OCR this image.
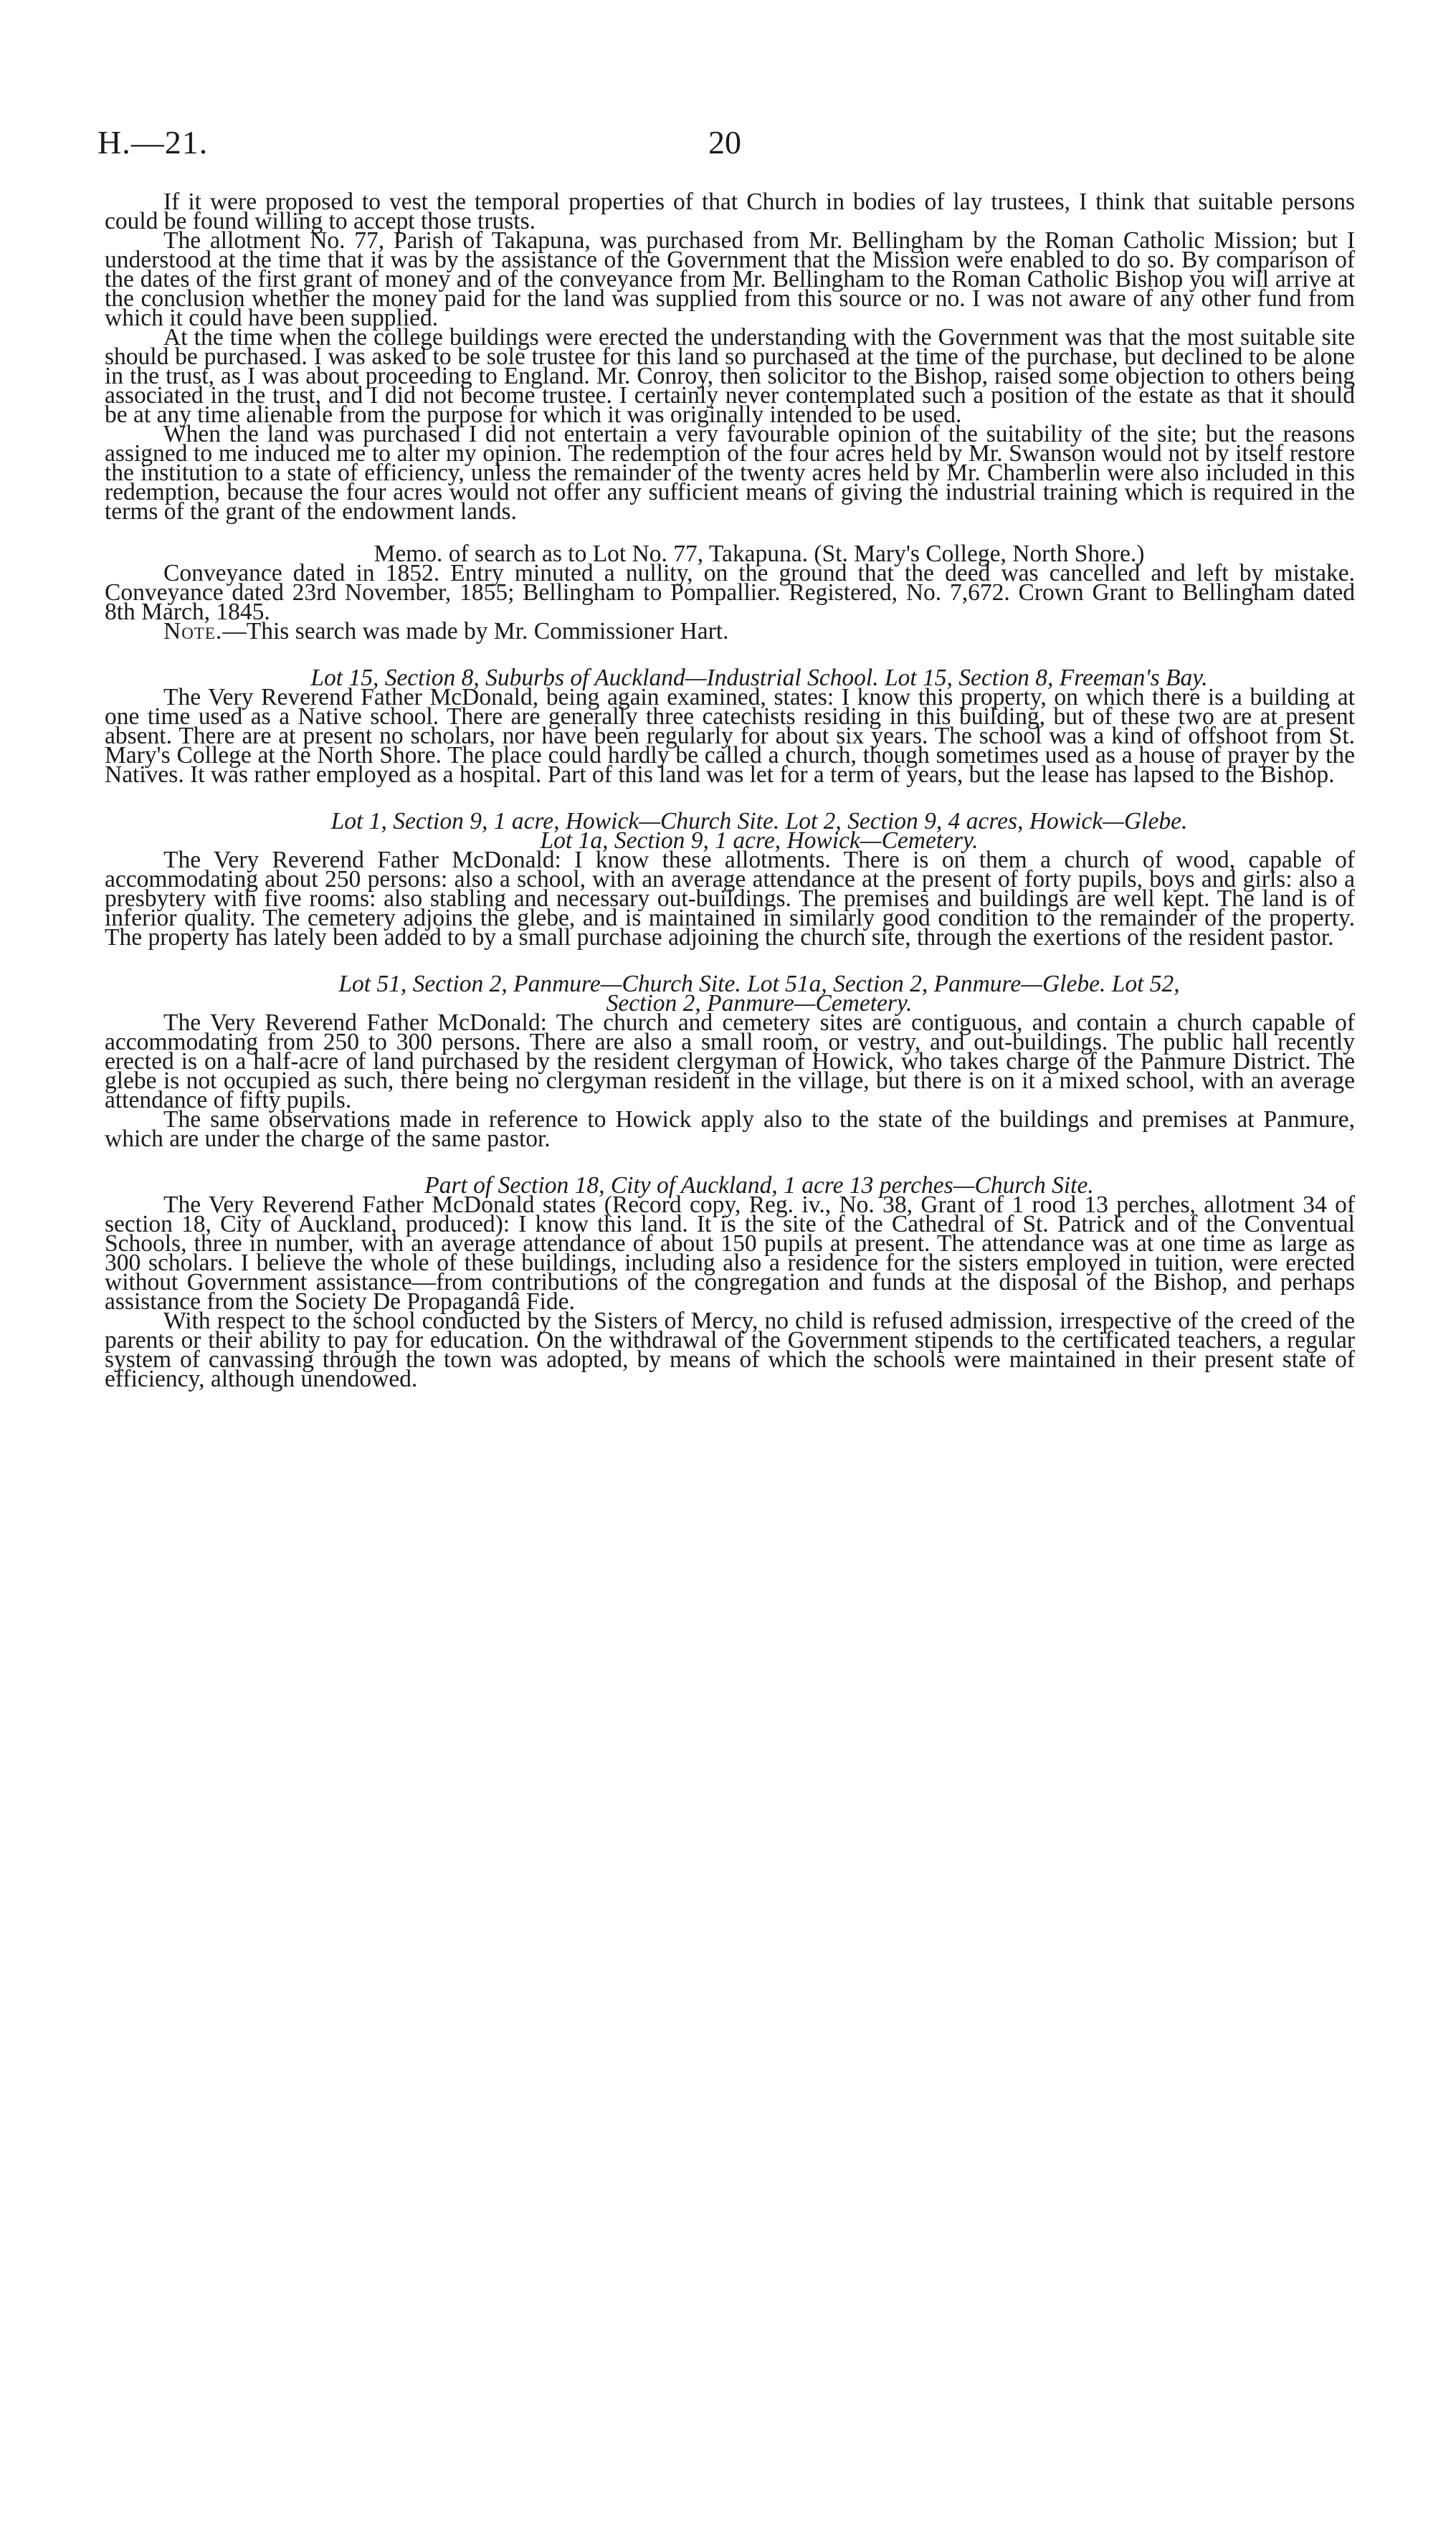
H.—21.	20

If it were proposed to vest the temporal properties of that Church in bodies of lay trustees, I think that suitable persons could be found willing to accept those trusts.

The allotment No. 77, Parish of Takapuna, was purchased from Mr. Bellingham by the Roman Catholic Mission; but I understood at the time that it was by the assistance of the Government that the Mission were enabled to do so. By comparison of the dates of the first grant of money and of the conveyance from Mr. Bellingham to the Roman Catholic Bishop you will arrive at the conclusion whether the money paid for the land was supplied from this source or no. I was not aware of any other fund from which it could have been supplied.

At the time when the college buildings were erected the understanding with the Government was that the most suitable site should be purchased. I was asked to be sole trustee for this land so purchased at the time of the purchase, but declined to be alone in the trust, as I was about proceeding to England. Mr. Conroy, then solicitor to the Bishop, raised some objection to others being associated in the trust, and I did not become trustee. I certainly never contemplated such a position of the estate as that it should be at any time alienable from the purpose for which it was originally intended to be used.

When the land was purchased I did not entertain a very favourable opinion of the suitability of the site; but the reasons assigned to me induced me to alter my opinion. The redemption of the four acres held by Mr. Swanson would not by itself restore the institution to a state of efficiency, unless the remainder of the twenty acres held by Mr. Chamberlin were also included in this redemption, because the four acres would not offer any sufficient means of giving the industrial training which is required in the terms of the grant of the endowment lands.

Memo. of search as to Lot No. 77, Takapuna. (St. Mary's College, North Shore.)

Conveyance dated in 1852. Entry minuted a nullity, on the ground that the deed was cancelled and left by mistake. Conveyance dated 23rd November, 1855; Bellingham to Pompallier. Registered, No. 7,672. Crown Grant to Bellingham dated 8th March, 1845.

Note.—This search was made by Mr. Commissioner Hart.

Lot 15, Section 8, Suburbs of Auckland—Industrial School. Lot 15, Section 8, Freeman's Bay.

The Very Reverend Father McDonald, being again examined, states: I know this property, on which there is a building at one time used as a Native school. There are generally three catechists residing in this building, but of these two are at present absent. There are at present no scholars, nor have been regularly for about six years. The school was a kind of offshoot from St. Mary's College at the North Shore. The place could hardly be called a church, though sometimes used as a house of prayer by the Natives. It was rather employed as a hospital. Part of this land was let for a term of years, but the lease has lapsed to the Bishop.

Lot 1, Section 9, 1 acre, Howick—Church Site. Lot 2, Section 9, 4 acres, Howick—Glebe.

Lot 1a, Section 9, 1 acre, Howick—Cemetery.

The Very Reverend Father McDonald: I know these allotments. There is on them a church of wood, capable of accommodating about 250 persons: also a school, with an average attendance at the present of forty pupils, boys and girls: also a presbytery with five rooms: also stabling and necessary out-buildings. The premises and buildings are well kept. The land is of inferior quality. The cemetery adjoins the glebe, and is maintained in similarly good condition to the remainder of the property. The property has lately been added to by a small purchase adjoining the church site, through the exertions of the resident pastor.

Lot 51, Section 2, Panmure—Church Site. Lot 51a, Section 2, Panmure—Glebe. Lot 52,

Section 2, Panmure—Cemetery.

The Very Reverend Father McDonald: The church and cemetery sites are contiguous, and contain a church capable of accommodating from 250 to 300 persons. There are also a small room, or vestry, and out-buildings. The public hall recently erected is on a half-acre of land purchased by the resident clergyman of Howick, who takes charge of the Panmure District. The glebe is not occupied as such, there being no clergyman resident in the village, but there is on it a mixed school, with an average attendance of fifty pupils.

The same observations made in reference to Howick apply also to the state of the buildings and premises at Panmure, which are under the charge of the same pastor.

Part of Section 18, City of Auckland, 1 acre 13 perches—Church Site.

The Very Reverend Father McDonald states (Record copy, Reg. iv., No. 38, Grant of 1 rood 13 perches, allotment 34 of section 18, City of Auckland, produced): I know this land. It is the site of the Cathedral of St. Patrick and of the Conventual Schools, three in number, with an average attendance of about 150 pupils at present. The attendance was at one time as large as 300 scholars. I believe the whole of these buildings, including also a residence for the sisters employed in tuition, were erected without Government assistance—from contributions of the congregation and funds at the disposal of the Bishop, and perhaps assistance from the Society De Propagandâ Fide.

With respect to the school conducted by the Sisters of Mercy, no child is refused admission, irrespective of the creed of the parents or their ability to pay for education. On the withdrawal of the Government stipends to the certificated teachers, a regular system of canvassing through the town was adopted, by means of which the schools were maintained in their present state of efficiency, although unendowed.
